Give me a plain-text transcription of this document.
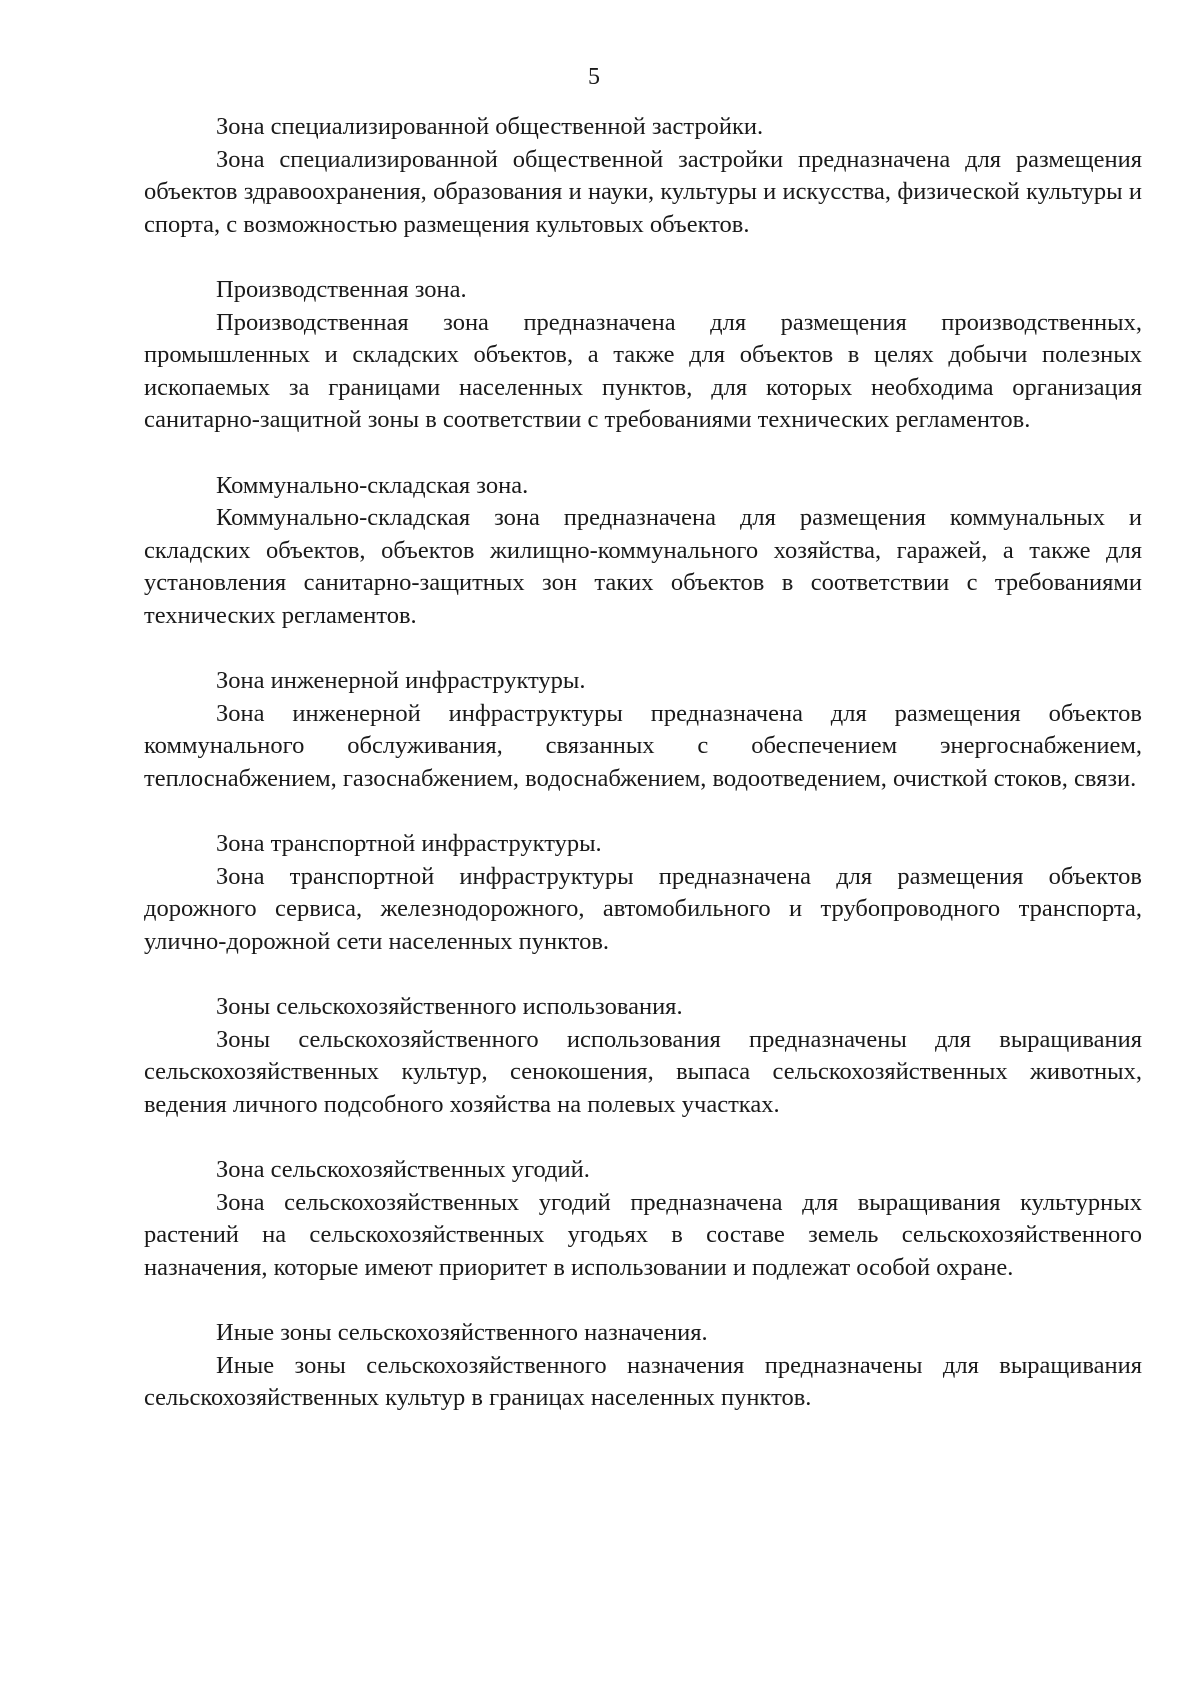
5

Зона специализированной общественной застройки.

Зона специализированной общественной застройки предназначена для размещения объектов здравоохранения, образования и науки, культуры и искусства, физической культуры и спорта, с возможностью размещения культовых объектов.

Производственная зона.

Производственная зона предназначена для размещения производственных, промышленных и складских объектов, а также для объектов в целях добычи полезных ископаемых за границами населенных пунктов, для которых необходима организация санитарно-защитной зоны в соответствии с требованиями технических регламентов.

Коммунально-складская зона.

Коммунально-складская зона предназначена для размещения коммунальных и складских объектов, объектов жилищно-коммунального хозяйства, гаражей, а также для установления санитарно-защитных зон таких объектов в соответствии с требованиями технических регламентов.

Зона инженерной инфраструктуры.

Зона инженерной инфраструктуры предназначена для размещения объектов коммунального обслуживания, связанных с обеспечением энергоснабжением, теплоснабжением, газоснабжением, водоснабжением, водоотведением, очисткой стоков, связи.

Зона транспортной инфраструктуры.

Зона транспортной инфраструктуры предназначена для размещения объектов дорожного сервиса, железнодорожного, автомобильного и трубопроводного транспорта, улично-дорожной сети населенных пунктов.

Зоны сельскохозяйственного использования.

Зоны сельскохозяйственного использования предназначены для выращивания сельскохозяйственных культур, сенокошения, выпаса сельскохозяйственных животных, ведения личного подсобного хозяйства на полевых участках.

Зона сельскохозяйственных угодий.

Зона сельскохозяйственных угодий предназначена для выращивания культурных растений на сельскохозяйственных угодьях в составе земель сельскохозяйственного назначения, которые имеют приоритет в использовании и подлежат особой охране.

Иные зоны сельскохозяйственного назначения.

Иные зоны сельскохозяйственного назначения предназначены для выращивания сельскохозяйственных культур в границах населенных пунктов.
